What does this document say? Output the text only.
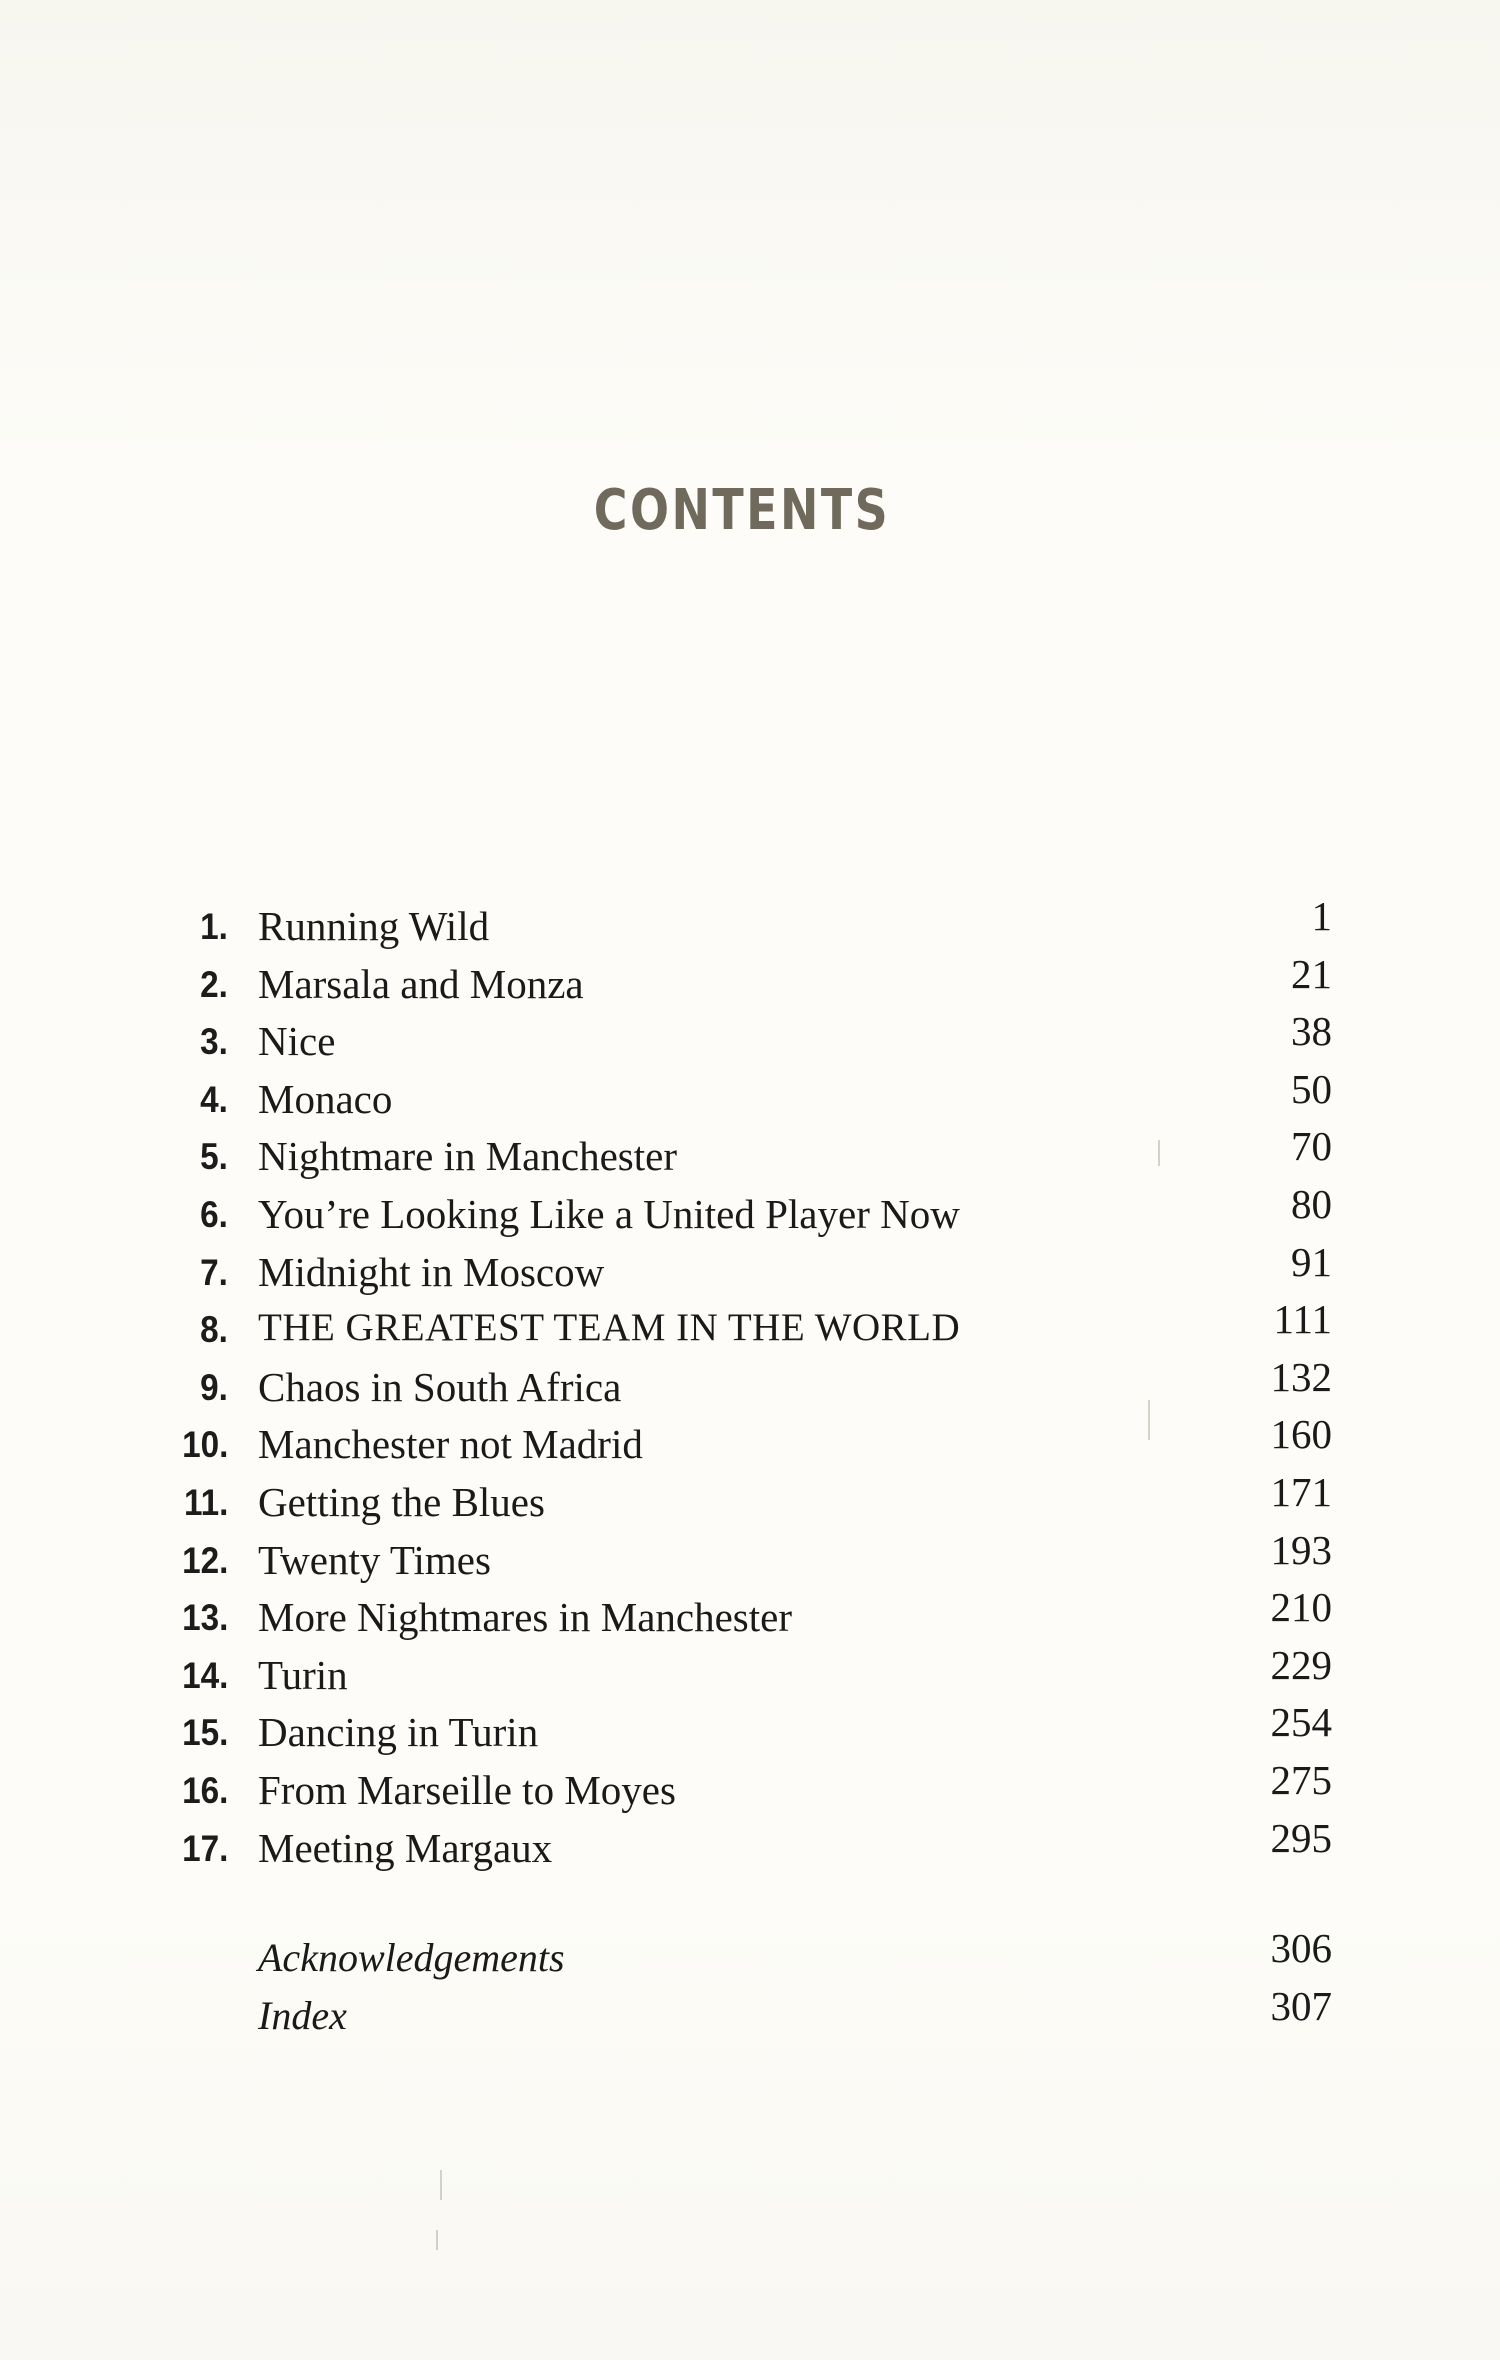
CONTENTS
1. Running Wild	1
2. Marsala and Monza	21
3. Nice	38
4. Monaco	50
5. Nightmare in Manchester	70
6. You’re Looking Like a United Player Now	80
7. Midnight in Moscow	91
8. THE GREATEST TEAM IN THE WORLD	111
9. Chaos in South Africa	132
10. Manchester not Madrid	160
11. Getting the Blues	171
12. Twenty Times	193
13. More Nightmares in Manchester	210
14. Turin	229
15. Dancing in Turin	254
16. From Marseille to Moyes	275
17. Meeting Margaux	295
Acknowledgements	306
Index	307
